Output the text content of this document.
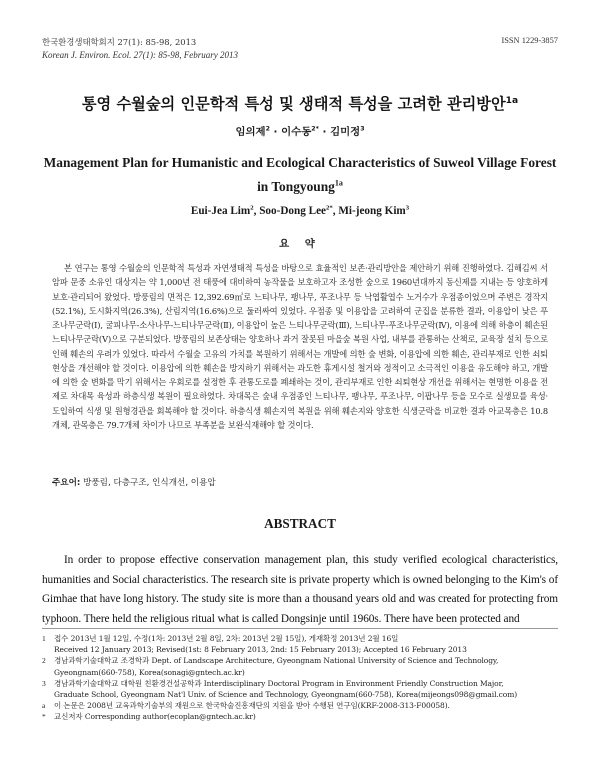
한국환경생태학회지 27(1): 85-98, 2013
Korean J. Environ. Ecol. 27(1): 85-98, February 2013
ISSN 1229-3857
통영 수월숲의 인문학적 특성 및 생태적 특성을 고려한 관리방안$^{1a}$
임의제$^2$ · 이수동$^{2*}$ · 김미정$^3$
Management Plan for Humanistic and Ecological Characteristics of Suweol Village Forest
in Tongyoung$^{1a}$
Eui-Jea Lim$^2$, Soo-Dong Lee$^{2*}$, Mi-jeong Kim$^3$
요 약
본 연구는 통영 수월숲의 인문학적 특성과 자연생태적 특성을 바탕으로 효율적인 보존·관리방안을 제안하기 위해 진행하였다. 김해김씨 서암파 문중 소유인 대상지는 약 1,000년 전 태풍에 대비하여 농작물을 보호하고자 조성한 숲으로 1960년대까지 동신제를 지내는 등 양호하게 보호·관리되어 왔었다. 방풍림의 면적은 12,392.69㎡로 느티나무, 팽나무, 푸조나무 등 낙엽활엽수 노거수가 우점종이었으며 주변은 경작지(52.1%), 도시화지역(26.3%), 산림지역(16.6%)으로 둘러싸여 있었다. 우점종 및 이용압을 고려하여 군집을 분류한 결과, 이용압이 낮은 푸조나무군락(Ⅰ), 굴피나무-소사나무-느티나무군락(Ⅱ), 이용압이 높은 느티나무군락(Ⅲ), 느티나무-푸조나무군락(Ⅳ), 이용에 의해 하층이 훼손된 느티나무군락(Ⅴ)으로 구분되었다. 방풍림의 보존상태는 양호하나 과거 잘못된 마을숲 복원 사업, 내부를 관통하는 산책로, 교육장 설치 등으로 인해 훼손의 우려가 있었다. 따라서 수월숲 고유의 가치를 복원하기 위해서는 개발에 의한 숲 변화, 이용압에 의한 훼손, 관리부재로 인한 쇠퇴현상을 개선해야 할 것이다. 이용압에 의한 훼손을 방지하기 위해서는 과도한 휴게시설 철거와 정적이고 소극적인 이용을 유도해야 하고, 개발에 의한 숲 변화를 막기 위해서는 우회로를 설정한 후 관통도로를 폐쇄하는 것이, 관리부재로 인한 쇠퇴현상 개선을 위해서는 현명한 이용을 전제로 차대목 육성과 하층식생 복원이 필요하였다. 차대목은 숲내 우점종인 느티나무, 팽나무, 푸조나무, 이팝나무 등을 모수로 실생묘를 육성·도입하여 식생 및 원형경관을 회복해야 할 것이다. 하층식생 훼손지역 복원을 위해 훼손지와 양호한 식생군락을 비교한 결과 아교목층은 10.8개체, 관목층은 79.7개체 차이가 나므로 부족분을 보완식재해야 할 것이다.
주요어: 방풍림, 다층구조, 인식개선, 이용압
ABSTRACT
In order to propose effective conservation management plan, this study verified ecological characteristics, humanities and Social characteristics. The research site is private property which is owned belonging to the Kim's of Gimhae that have long history. The study site is more than a thousand years old and was created for protecting from typhoon. There held the religious ritual what is called Dongsinje until 1960s. There have been protected and
1	접수 2013년 1월 12일, 수정(1차: 2013년 2월 8일, 2차: 2013년 2월 15일), 게재확정 2013년 2월 16일
Received 12 January 2013; Revised(1st: 8 February 2013, 2nd: 15 February 2013); Accepted 16 February 2013
2	경남과학기술대학교 조경학과 Dept. of Landscape Architecture, Gyeongnam National University of Science and Technology,
Gyeongnam(660-758), Korea(sonagi@gntech.ac.kr)
3	경남과학기술대학교 대학원 친환경건설공학과 Interdisciplinary Doctoral Program in Environment Friendly Construction Major,
Graduate School, Gyeongnam Nat'l Univ. of Science and Technology, Gyeongnam(660-758), Korea(mijeongs098@gmail.com)
a	이 논문은 2008년 교육과학기술부의 재원으로 한국학술진흥재단의 지원을 받아 수행된 연구임(KRF-2008-313-F00058).
*	교신저자 Corresponding author(ecoplan@gntech.ac.kr)
